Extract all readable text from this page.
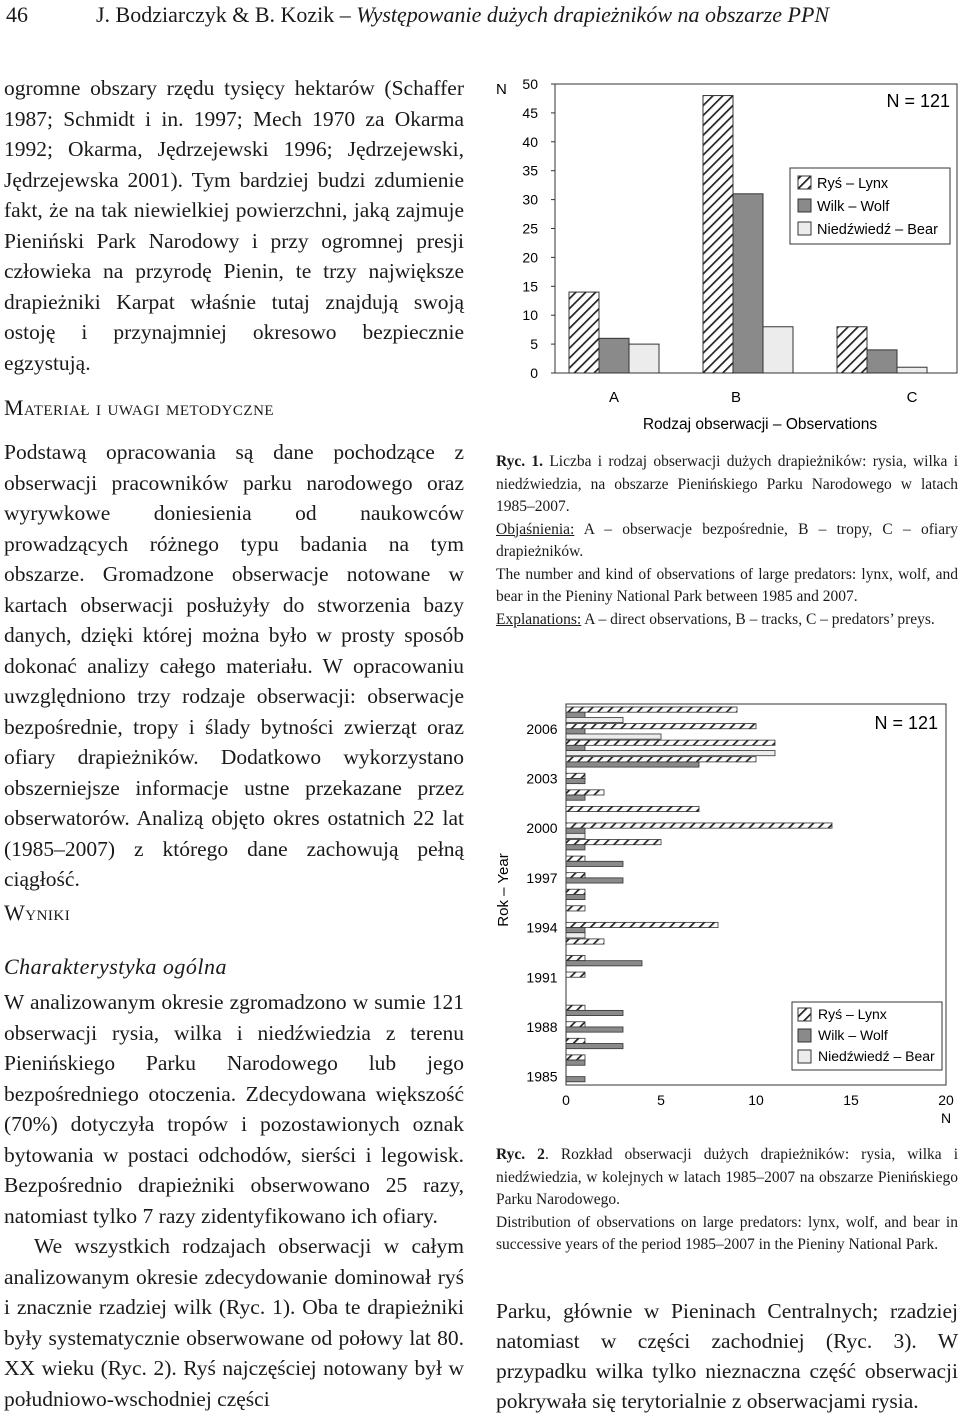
46	J. Bodziarczyk & B. Kozik – Występowanie dużych drapieżników na obszarze PPN

ogromne obszary rzędu tysięcy hektarów (Schaffer 1987; Schmidt i in. 1997; Mech 1970 za Okarma 1992; Okarma, Jędrzejewski 1996; Jędrzejewski, Jędrzejewska 2001). Tym bardziej budzi zdumienie fakt, że na tak niewielkiej powierzchni, jaką zajmuje Pieniński Park Narodowy i przy ogromnej presji człowieka na przyrodę Pienin, te trzy największe drapieżniki Karpat właśnie tutaj znajdują swoją ostoję i przynajmniej okresowo bezpiecznie egzystują.

Materiał i uwagi metodyczne

Podstawą opracowania są dane pochodzące z obserwacji pracowników parku narodowego oraz wyrywkowe doniesienia od naukowców prowadzących różnego typu badania na tym obszarze. Gromadzone obserwacje notowane w kartach obserwacji posłużyły do stworzenia bazy danych, dzięki której można było w prosty sposób dokonać analizy całego materiału. W opracowaniu uwzględniono trzy rodzaje obserwacji: obserwacje bezpośrednie, tropy i ślady bytności zwierząt oraz ofiary drapieżników. Dodatkowo wykorzystano obszerniejsze informacje ustne przekazane przez obserwatorów. Analizą objęto okres ostatnich 22 lat (1985–2007) z którego dane zachowują pełną ciągłość.

Wyniki
Charakterystyka ogólna

W analizowanym okresie zgromadzono w sumie 121 obserwacji rysia, wilka i niedźwiedzia z terenu Pienińskiego Parku Narodowego lub jego bezpośredniego otoczenia. Zdecydowana większość (70%) dotyczyła tropów i pozostawionych oznak bytowania w postaci odchodów, sierści i legowisk. Bezpośrednio drapieżniki obserwowano 25 razy, natomiast tylko 7 razy zidentyfikowano ich ofiary.

We wszystkich rodzajach obserwacji w całym analizowanym okresie zdecydowanie dominował ryś i znacznie rzadziej wilk (Ryc. 1). Oba te drapieżniki były systematycznie obserwowane od połowy lat 80. XX wieku (Ryc. 2). Ryś najczęściej notowany był w południowo-wschodniej części

N
0
5
10
15
20
25
30
35
40
45
50
N = 121
A	B	C
Rodzaj obserwacji – Observations
Ryś – Lynx
Wilk – Wolf
Niedźwiedź – Bear

Ryc. 1. Liczba i rodzaj obserwacji dużych drapieżników: rysia, wilka i niedźwiedzia, na obszarze Pienińskiego Parku Narodowego w latach 1985–2007.

Objaśnienia: A – obserwacje bezpośrednie, B – tropy, C – ofiary drapieżników.

The number and kind of observations of large predators: lynx, wolf, and bear in the Pieniny National Park between 1985 and 2007.

Explanations: A – direct observations, B – tracks, C – predators’ preys.

Rok – Year
N = 121
2006
2003
2000
1997
1994
1991
1988
1985
0	5	10	15	20
N
Ryś – Lynx
Wilk – Wolf
Niedźwiedź – Bear

Ryc. 2. Rozkład obserwacji dużych drapieżników: rysia, wilka i niedźwiedzia, w kolejnych w latach 1985–2007 na obszarze Pienińskiego Parku Narodowego.

Distribution of observations on large predators: lynx, wolf, and bear in successive years of the period 1985–2007 in the Pieniny National Park.

Parku, głównie w Pieninach Centralnych; rzadziej natomiast w części zachodniej (Ryc. 3). W przypadku wilka tylko nieznaczna część obserwacji pokrywała się terytorialnie z obserwacjami rysia.
